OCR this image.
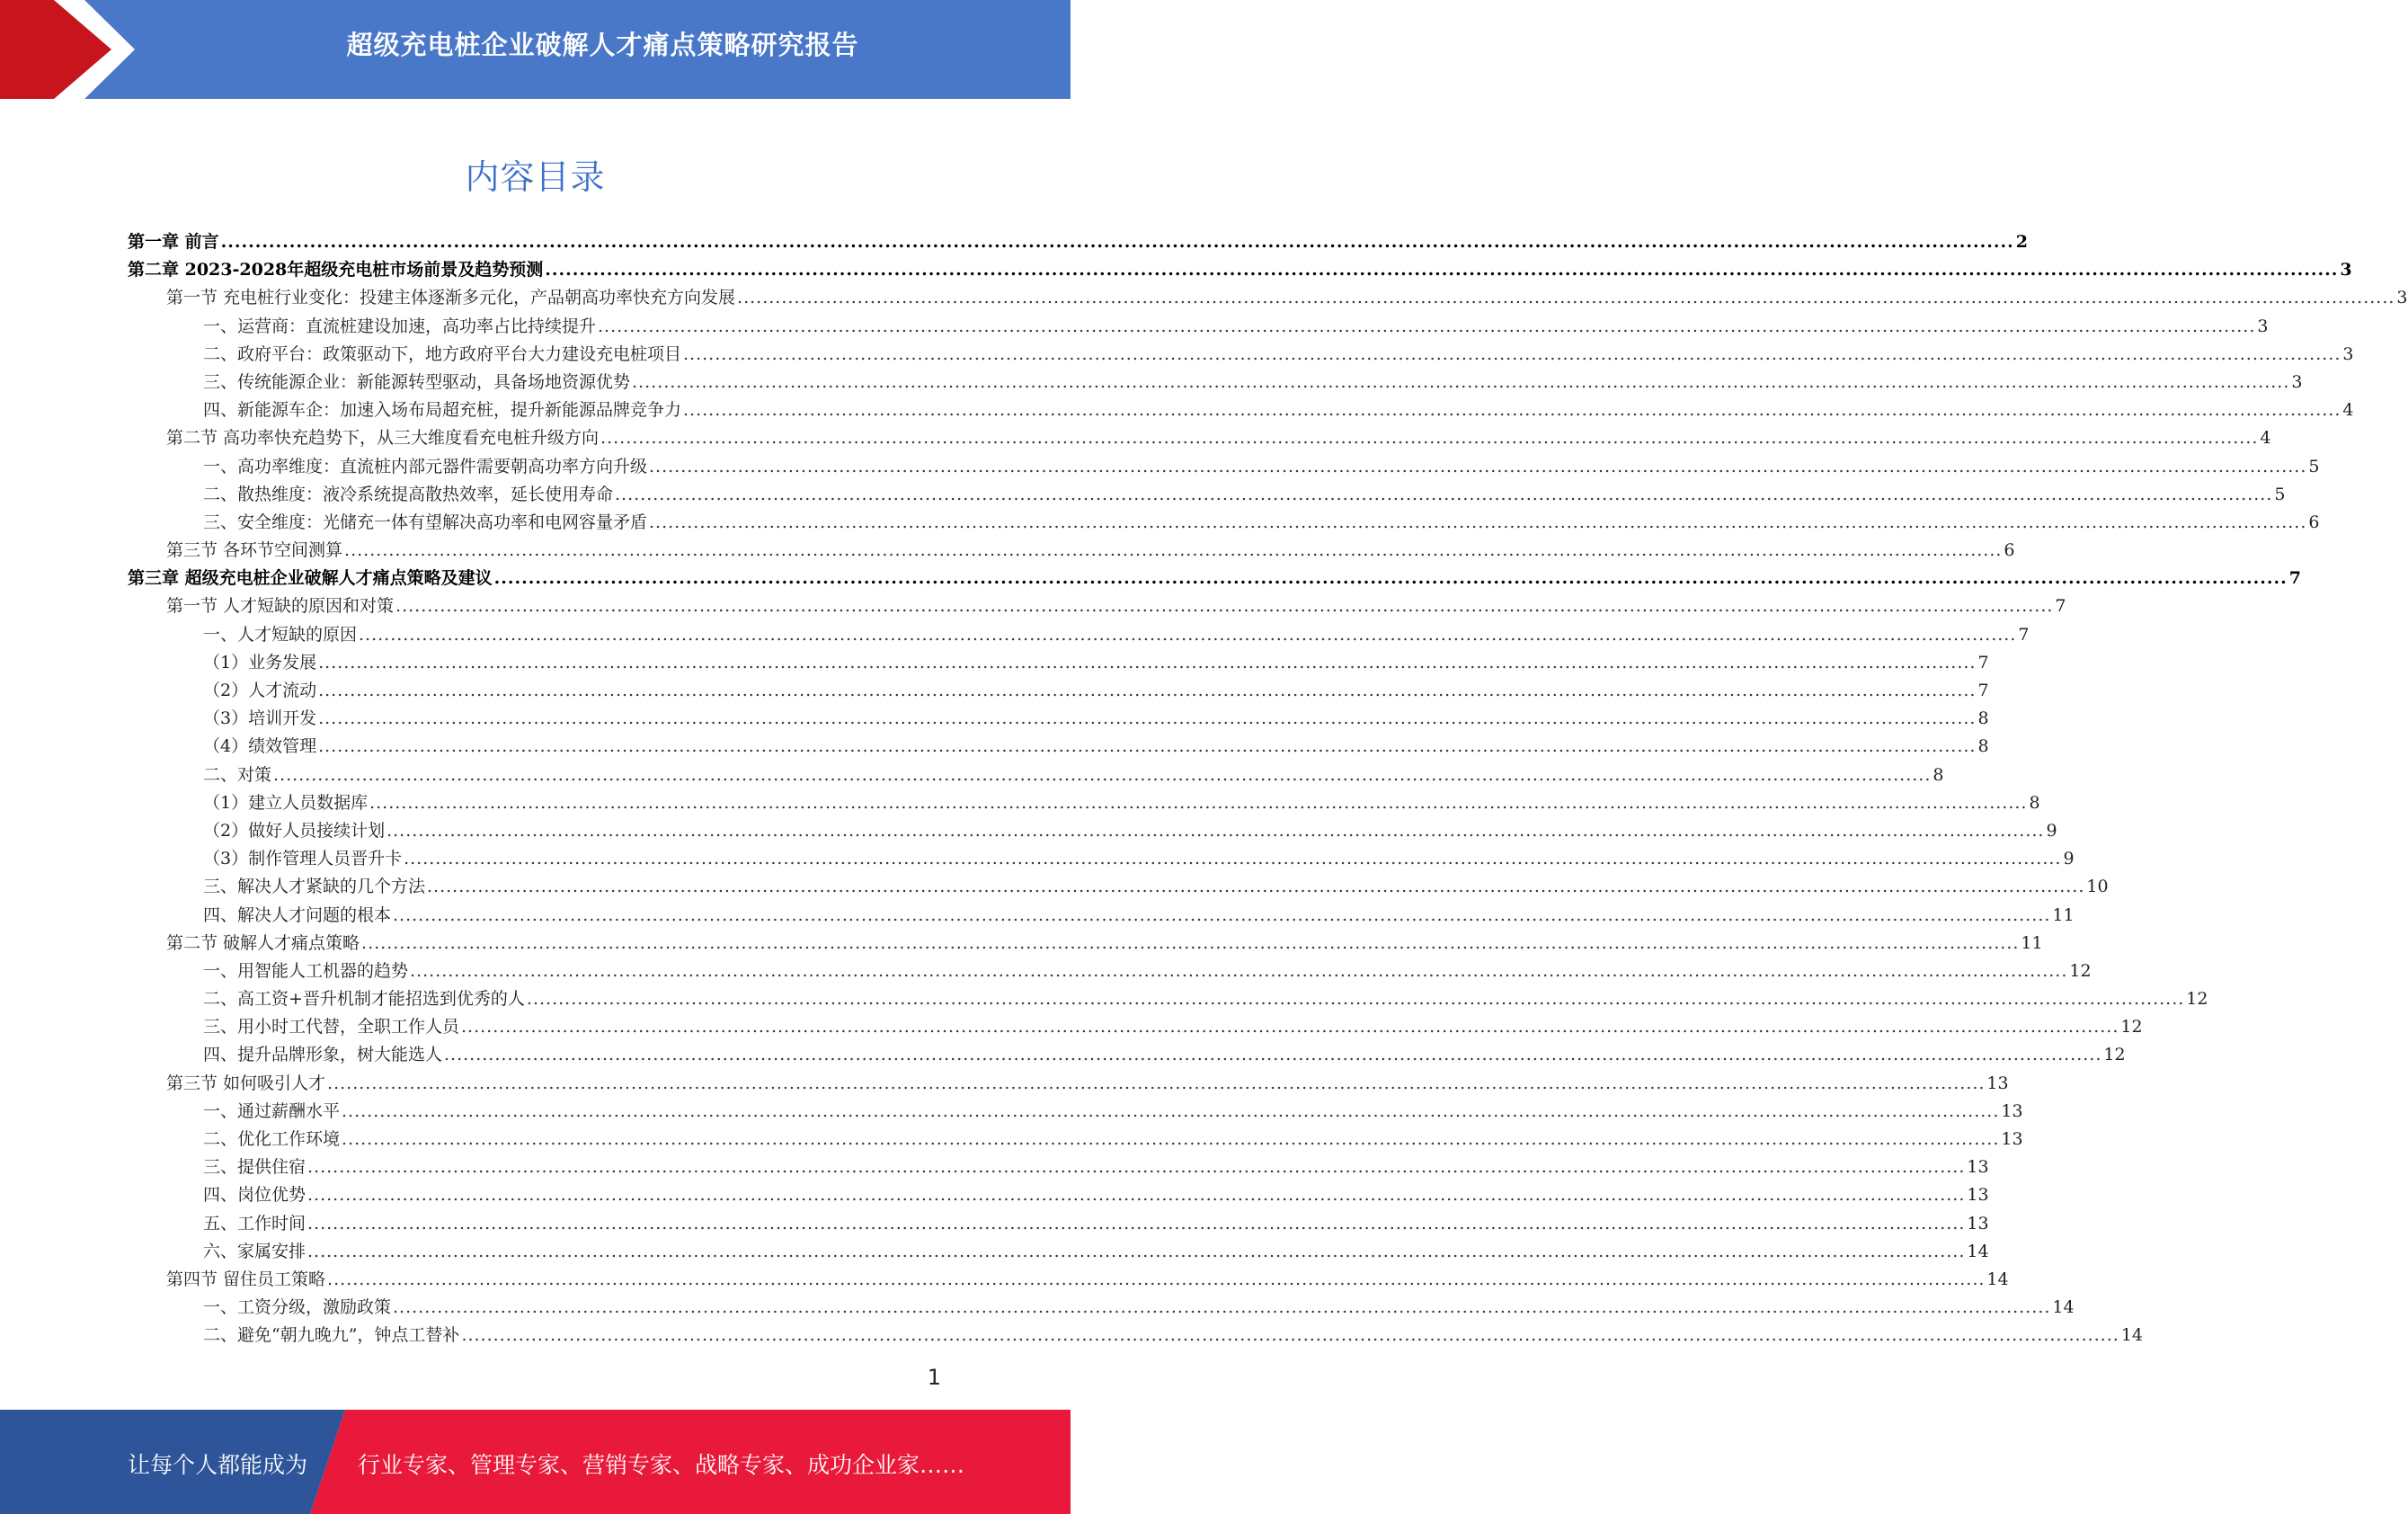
超级充电桩企业破解人才痛点策略研究报告
内容目录
第一章 前言 ...................................................................................................................................................................................................................................................................... 2
第二章 2023-2028年超级充电桩市场前景及趋势预测 ...................................................................................................................................................................................................................................................................... 3
第一节 充电桩行业变化：投建主体逐渐多元化，产品朝高功率快充方向发展 ...................................................................................................................................................................................................................................................................... 3
一、运营商：直流桩建设加速，高功率占比持续提升 ...................................................................................................................................................................................................................................................................... 3
二、政府平台：政策驱动下，地方政府平台大力建设充电桩项目 ...................................................................................................................................................................................................................................................................... 3
三、传统能源企业：新能源转型驱动，具备场地资源优势 ...................................................................................................................................................................................................................................................................... 3
四、新能源车企：加速入场布局超充桩，提升新能源品牌竞争力 ...................................................................................................................................................................................................................................................................... 4
第二节 高功率快充趋势下，从三大维度看充电桩升级方向 ...................................................................................................................................................................................................................................................................... 4
一、高功率维度：直流桩内部元器件需要朝高功率方向升级 ...................................................................................................................................................................................................................................................................... 5
二、散热维度：液冷系统提高散热效率，延长使用寿命 ...................................................................................................................................................................................................................................................................... 5
三、安全维度：光储充一体有望解决高功率和电网容量矛盾 ...................................................................................................................................................................................................................................................................... 6
第三节 各环节空间测算 ...................................................................................................................................................................................................................................................................... 6
第三章 超级充电桩企业破解人才痛点策略及建议 ...................................................................................................................................................................................................................................................................... 7
第一节 人才短缺的原因和对策 ...................................................................................................................................................................................................................................................................... 7
一、人才短缺的原因 ...................................................................................................................................................................................................................................................................... 7
（1）业务发展 ...................................................................................................................................................................................................................................................................... 7
（2）人才流动 ...................................................................................................................................................................................................................................................................... 7
（3）培训开发 ...................................................................................................................................................................................................................................................................... 8
（4）绩效管理 ...................................................................................................................................................................................................................................................................... 8
二、对策 ...................................................................................................................................................................................................................................................................... 8
（1）建立人员数据库 ...................................................................................................................................................................................................................................................................... 8
（2）做好人员接续计划 ...................................................................................................................................................................................................................................................................... 9
（3）制作管理人员晋升卡 ...................................................................................................................................................................................................................................................................... 9
三、解决人才紧缺的几个方法 ...................................................................................................................................................................................................................................................................... 10
四、解决人才问题的根本 ...................................................................................................................................................................................................................................................................... 11
第二节 破解人才痛点策略 ...................................................................................................................................................................................................................................................................... 11
一、用智能人工机器的趋势 ...................................................................................................................................................................................................................................................................... 12
二、高工资+晋升机制才能招选到优秀的人 ...................................................................................................................................................................................................................................................................... 12
三、用小时工代替，全职工作人员 ...................................................................................................................................................................................................................................................................... 12
四、提升品牌形象，树大能选人 ...................................................................................................................................................................................................................................................................... 12
第三节 如何吸引人才 ...................................................................................................................................................................................................................................................................... 13
一、通过薪酬水平 ...................................................................................................................................................................................................................................................................... 13
二、优化工作环境 ...................................................................................................................................................................................................................................................................... 13
三、提供住宿 ...................................................................................................................................................................................................................................................................... 13
四、岗位优势 ...................................................................................................................................................................................................................................................................... 13
五、工作时间 ...................................................................................................................................................................................................................................................................... 13
六、家属安排 ...................................................................................................................................................................................................................................................................... 14
第四节 留住员工策略 ...................................................................................................................................................................................................................................................................... 14
一、工资分级，激励政策 ...................................................................................................................................................................................................................................................................... 14
二、避免“朝九晚九”，钟点工替补 ...................................................................................................................................................................................................................................................................... 14
1
让每个人都能成为 行业专家、管理专家、营销专家、战略专家、成功企业家……
